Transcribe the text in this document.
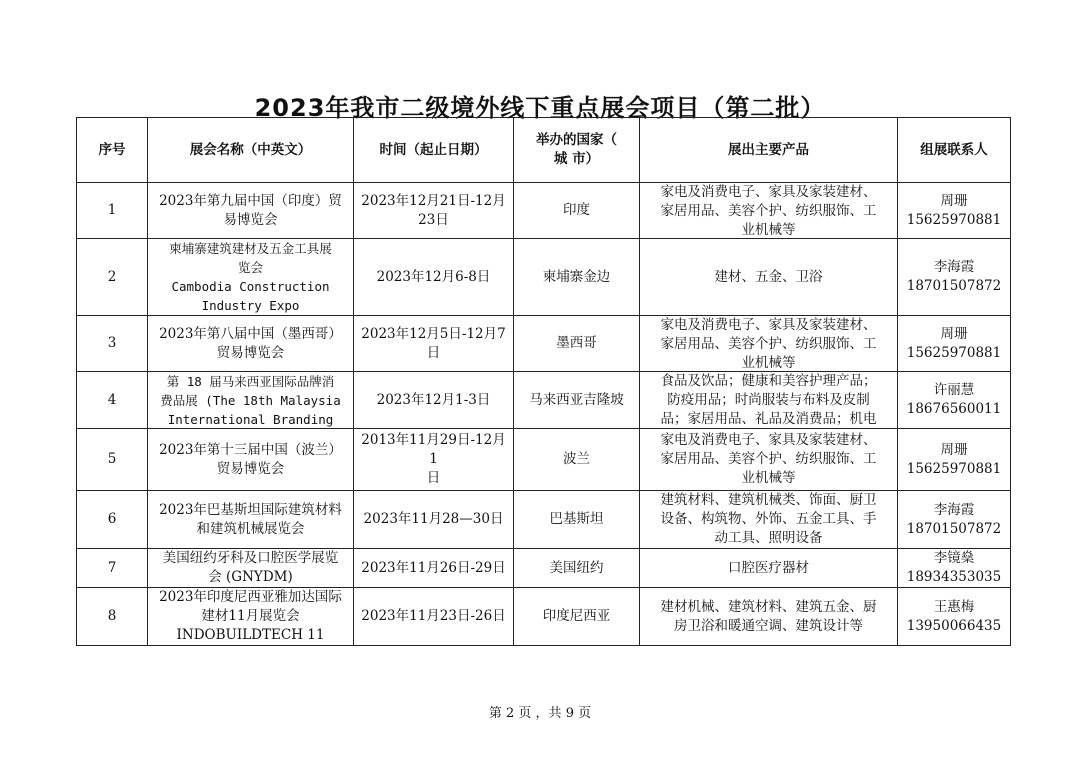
2023年我市二级境外线下重点展会项目（第二批）
序号	展会名称（中英文）	时间（起止日期）	举办的国家（
城 市）	展出主要产品	组展联系人
1	2023年第九届中国（印度）贸
易博览会	2023年12月21日-12月
23日	印度	家电及消费电子、家具及家装建材、
家居用品、美容个护、纺织服饰、工
业机械等	周珊
15625970881
2	柬埔寨建筑建材及五金工具展
览会
Cambodia Construction
Industry Expo	2023年12月6-8日	柬埔寨金边	建材、五金、卫浴	李海霞
18701507872
3	2023年第八届中国（墨西哥）
贸易博览会	2023年12月5日-12月7
日	墨西哥	家电及消费电子、家具及家装建材、
家居用品、美容个护、纺织服饰、工
业机械等	周珊
15625970881
4	第 18 届马来西亚国际品牌消
费品展 (The 18th Malaysia
International Branding	2023年12月1-3日	马来西亚吉隆坡	食品及饮品；健康和美容护理产品；
防疫用品；时尚服装与布料及皮制
品；家居用品、礼品及消费品；机电	许丽慧
18676560011
5	2023年第十三届中国（波兰）
贸易博览会	2013年11月29日-12月1
日	波兰	家电及消费电子、家具及家装建材、
家居用品、美容个护、纺织服饰、工
业机械等	周珊
15625970881
6	2023年巴基斯坦国际建筑材料
和建筑机械展览会	2023年11月28—30日	巴基斯坦	建筑材料、建筑机械类、饰面、厨卫
设备、构筑物、外饰、五金工具、手
动工具、照明设备	李海霞
18701507872
7	美国纽约牙科及口腔医学展览
会 (GNYDM)	2023年11月26日-29日	美国纽约	口腔医疗器材	李镜燊
18934353035
8	2023年印度尼西亚雅加达国际
建材11月展览会
INDOBUILDTECH 11	2023年11月23日-26日	印度尼西亚	建材机械、建筑材料、建筑五金、厨
房卫浴和暖通空调、建筑设计等	王惠梅
13950066435
第 2 页 ，共 9 页
